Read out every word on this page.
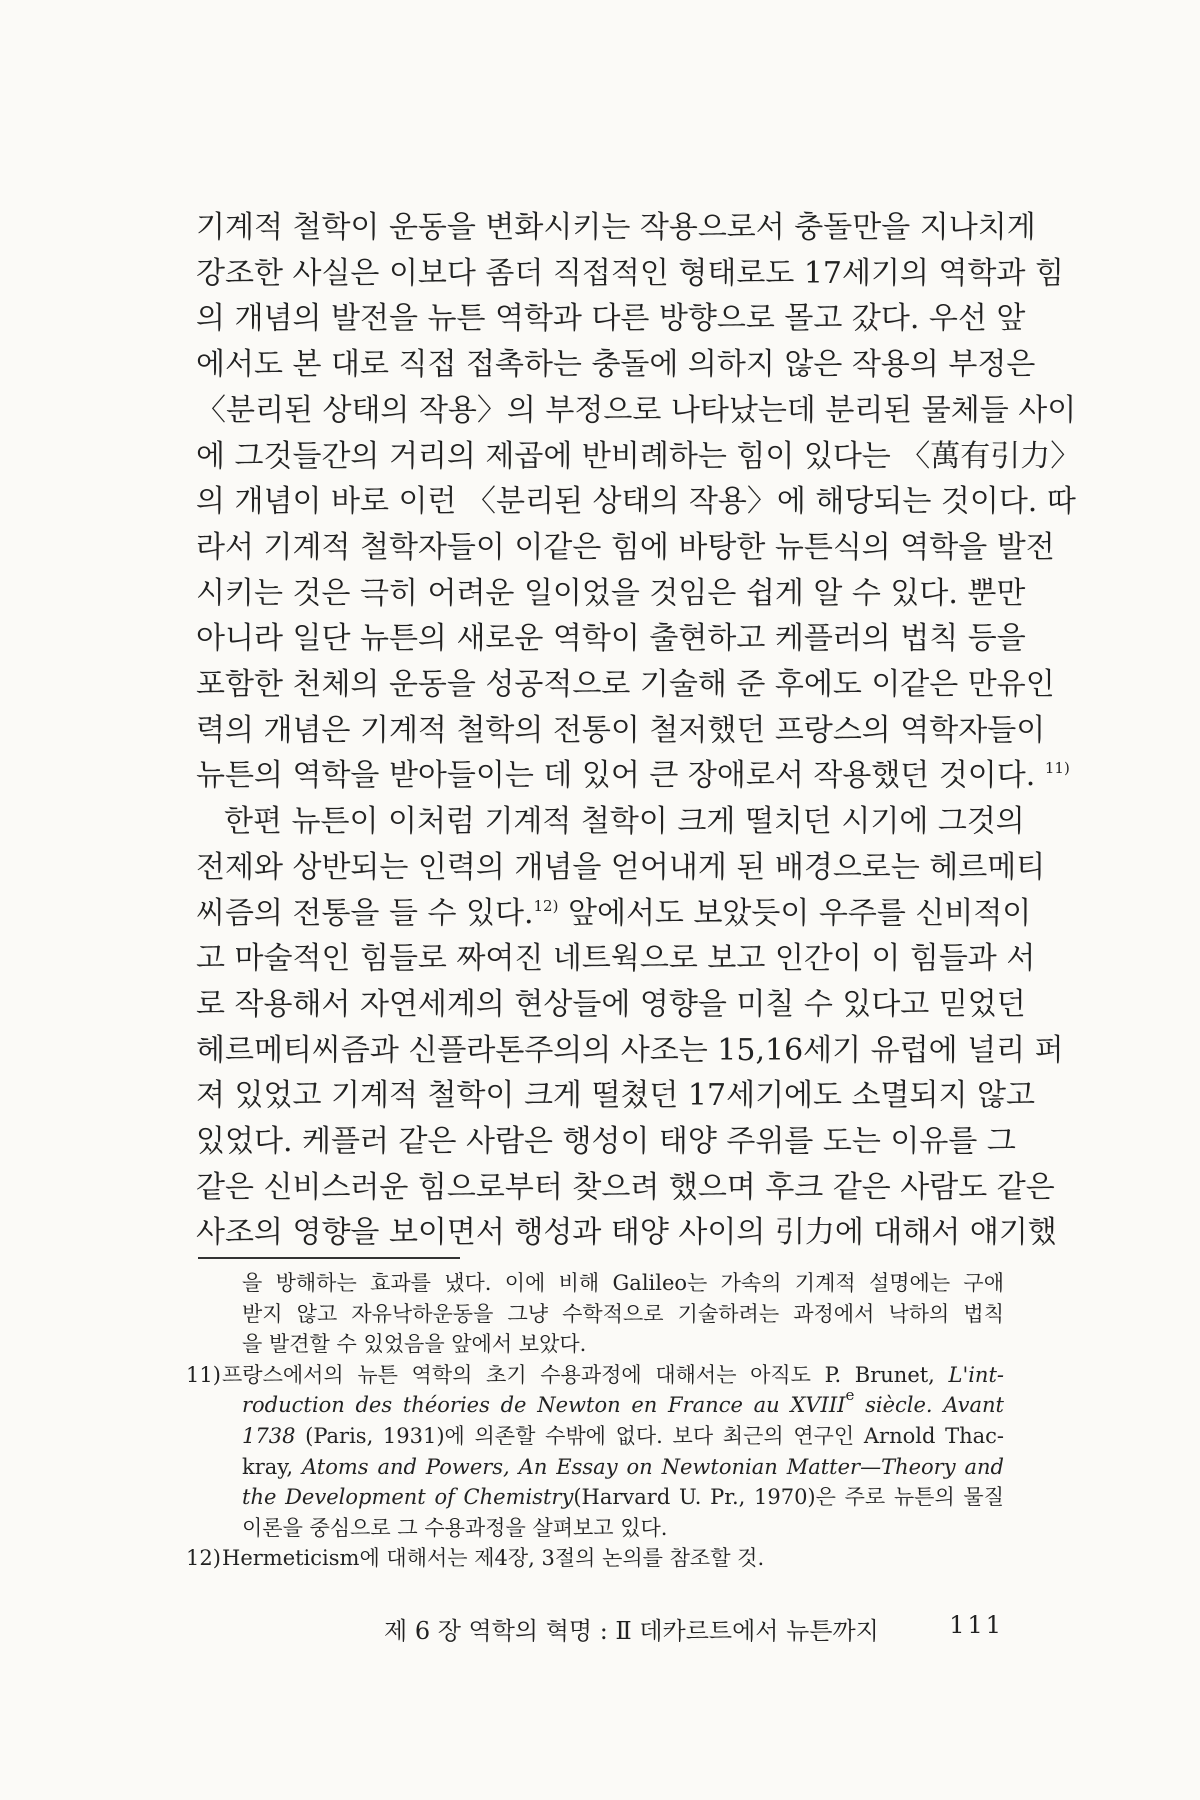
기계적 철학이 운동을 변화시키는 작용으로서 충돌만을 지나치게

강조한 사실은 이보다 좀더 직접적인 형태로도 17세기의 역학과 힘

의 개념의 발전을 뉴튼 역학과 다른 방향으로 몰고 갔다. 우선 앞

에서도 본 대로 직접 접촉하는 충돌에 의하지 않은 작용의 부정은

〈분리된 상태의 작용〉의 부정으로 나타났는데 분리된 물체들 사이

에 그것들간의 거리의 제곱에 반비례하는 힘이 있다는 〈萬有引力〉

의 개념이 바로 이런 〈분리된 상태의 작용〉에 해당되는 것이다. 따

라서 기계적 철학자들이 이같은 힘에 바탕한 뉴튼식의 역학을 발전

시키는 것은 극히 어려운 일이었을 것임은 쉽게 알 수 있다. 뿐만

아니라 일단 뉴튼의 새로운 역학이 출현하고 케플러의 법칙 등을

포함한 천체의 운동을 성공적으로 기술해 준 후에도 이같은 만유인

력의 개념은 기계적 철학의 전통이 철저했던 프랑스의 역학자들이

뉴튼의 역학을 받아들이는 데 있어 큰 장애로서 작용했던 것이다. $^{11)}$

한편 뉴튼이 이처럼 기계적 철학이 크게 떨치던 시기에 그것의

전제와 상반되는 인력의 개념을 얻어내게 된 배경으로는 헤르메티

씨즘의 전통을 들 수 있다.$^{12)}$ 앞에서도 보았듯이 우주를 신비적이

고 마술적인 힘들로 짜여진 네트웍으로 보고 인간이 이 힘들과 서

로 작용해서 자연세계의 현상들에 영향을 미칠 수 있다고 믿었던

헤르메티씨즘과 신플라톤주의의 사조는 15,16세기 유럽에 널리 퍼

져 있었고 기계적 철학이 크게 떨쳤던 17세기에도 소멸되지 않고

있었다. 케플러 같은 사람은 행성이 태양 주위를 도는 이유를 그

같은 신비스러운 힘으로부터 찾으려 했으며 후크 같은 사람도 같은

사조의 영향을 보이면서 행성과 태양 사이의 引力에 대해서 얘기했

을 방해하는 효과를 냈다. 이에 비해 Galileo는 가속의 기계적 설명에는 구애

받지 않고 자유낙하운동을 그냥 수학적으로 기술하려는 과정에서 낙하의 법칙

을 발견할 수 있었음을 앞에서 보았다.

11)프랑스에서의 뉴튼 역학의 초기 수용과정에 대해서는 아직도 P. Brunet, L'int-

roduction des théories de Newton en France au XVIIIe siècle. Avant

1738 (Paris, 1931)에 의존할 수밖에 없다. 보다 최근의 연구인 Arnold Thac-

kray, Atoms and Powers, An Essay on Newtonian Matter—Theory and

the Development of Chemistry(Harvard U. Pr., 1970)은 주로 뉴튼의 물질

이론을 중심으로 그 수용과정을 살펴보고 있다.

12)Hermeticism에 대해서는 제4장, 3절의 논의를 참조할 것.

제 6 장 역학의 혁명 : Ⅱ 데카르트에서 뉴튼까지	111
